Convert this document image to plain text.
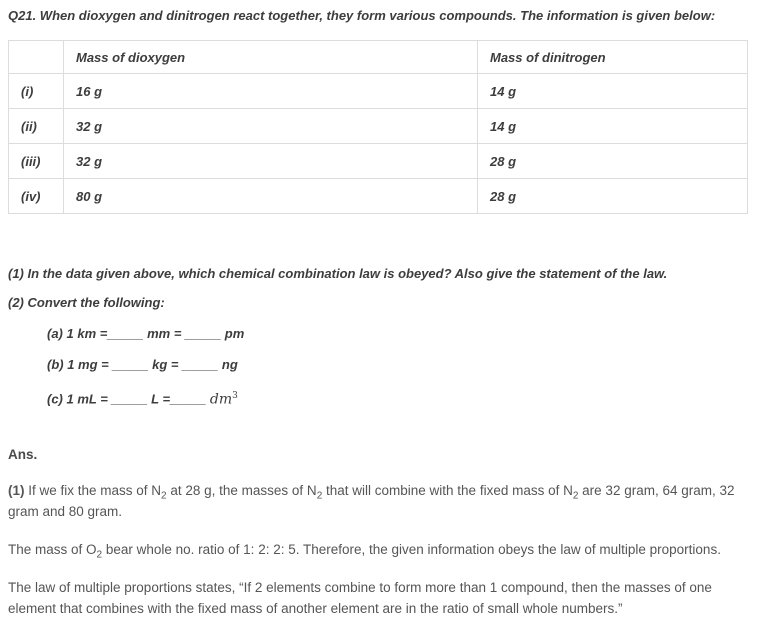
Q21. When dioxygen and dinitrogen react together, they form various compounds. The information is given below:

	Mass of dioxygen	Mass of dinitrogen
(i)	16 g	14 g
(ii)	32 g	14 g
(iii)	32 g	28 g
(iv)	80 g	28 g

(1) In the data given above, which chemical combination law is obeyed? Also give the statement of the law.

(2) Convert the following:

(a) 1 km =_____ mm = _____ pm

(b) 1 mg = _____ kg = _____ ng

(c) 1 mL = _____ L =_____ $dm^3$

Ans.

(1) If we fix the mass of $N_2$ at 28 g, the masses of $N_2$ that will combine with the fixed mass of $N_2$ are 32 gram, 64 gram, 32 gram and 80 gram.

The mass of $O_2$ bear whole no. ratio of 1: 2: 2: 5. Therefore, the given information obeys the law of multiple proportions.

The law of multiple proportions states, “If 2 elements combine to form more than 1 compound, then the masses of one element that combines with the fixed mass of another element are in the ratio of small whole numbers.”
